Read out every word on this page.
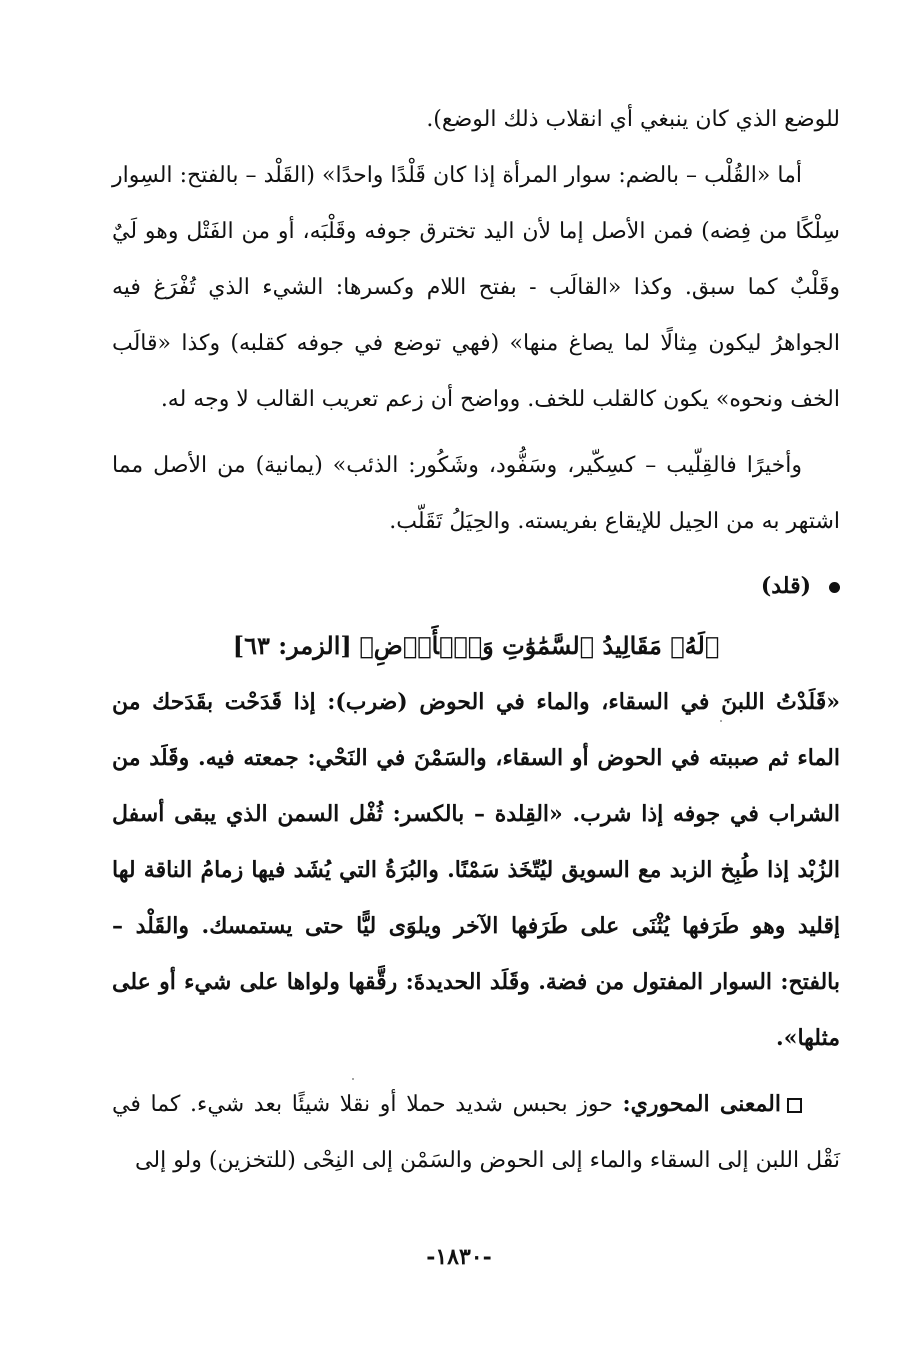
للوضع الذي كان ينبغي أي انقلاب ذلك الوضع).

أما «القُلْب – بالضم: سوار المرأة إذا كان قَلْدًا واحدًا» (القَلْد – بالفتح: السِوار سِلْكًا من فِضه) فمن الأصل إما لأن اليد تخترق جوفه وقَلْبَه، أو من الفَتْل وهو لَيٌ وقَلْبٌ كما سبق. وكذا «القالَب - بفتح اللام وكسرها: الشيء الذي تُفْرَغ فيه الجواهرُ ليكون مِثالًا لما يصاغ منها» (فهي توضع في جوفه كقلبه) وكذا «قالَب الخف ونحوه» يكون كالقلب للخف. وواضح أن زعم تعريب القالب لا وجه له.

وأخيرًا فالقِلّيب – كسِكّير، وسَفُّود، وشَكُور: الذئب» (يمانية) من الأصل مما اشتهر به من الحِيل للإيقاع بفريسته. والحِيَلُ تَقَلّب.

(قلد)

﴿لَهُۥ مَقَالِيدُ ٱلسَّمَٰوَٰتِ وَٱلۡأَرۡضِ﴾ [الزمر: ٦٣]

«قَلَدْتُ اللبنَ في السقاء، والماء في الحوض (ضرب): إذا قَدَحْت بقَدَحك من الماء ثم صببته في الحوض أو السقاء، والسَمْنَ في النَحْي: جمعته فيه. وقَلَد من الشراب في جوفه إذا شرب. «القِلدة – بالكسر: ثُفْل السمن الذي يبقى أسفل الزُبْد إذا طُبِخ الزبد مع السويق ليُتّخَذ سَمْنًا. والبُرَةُ التي يُشَد فيها زمامُ الناقة لها إقليد وهو طَرَفها يُثْنَى على طَرَفها الآخر ويلوَى ليًّا حتى يستمسك. والقَلْد – بالفتح: السوار المفتول من فضة. وقَلَد الحديدةَ: رقَّقها ولواها على شيء أو على مثلها».

المعنى المحوري: حوز بحبس شديد حملا أو نقلا شيئًا بعد شيء. كما في نَقْل اللبن إلى السقاء والماء إلى الحوض والسَمْن إلى النِحْى (للتخزين) ولو إلى

-١٨٣٠-
